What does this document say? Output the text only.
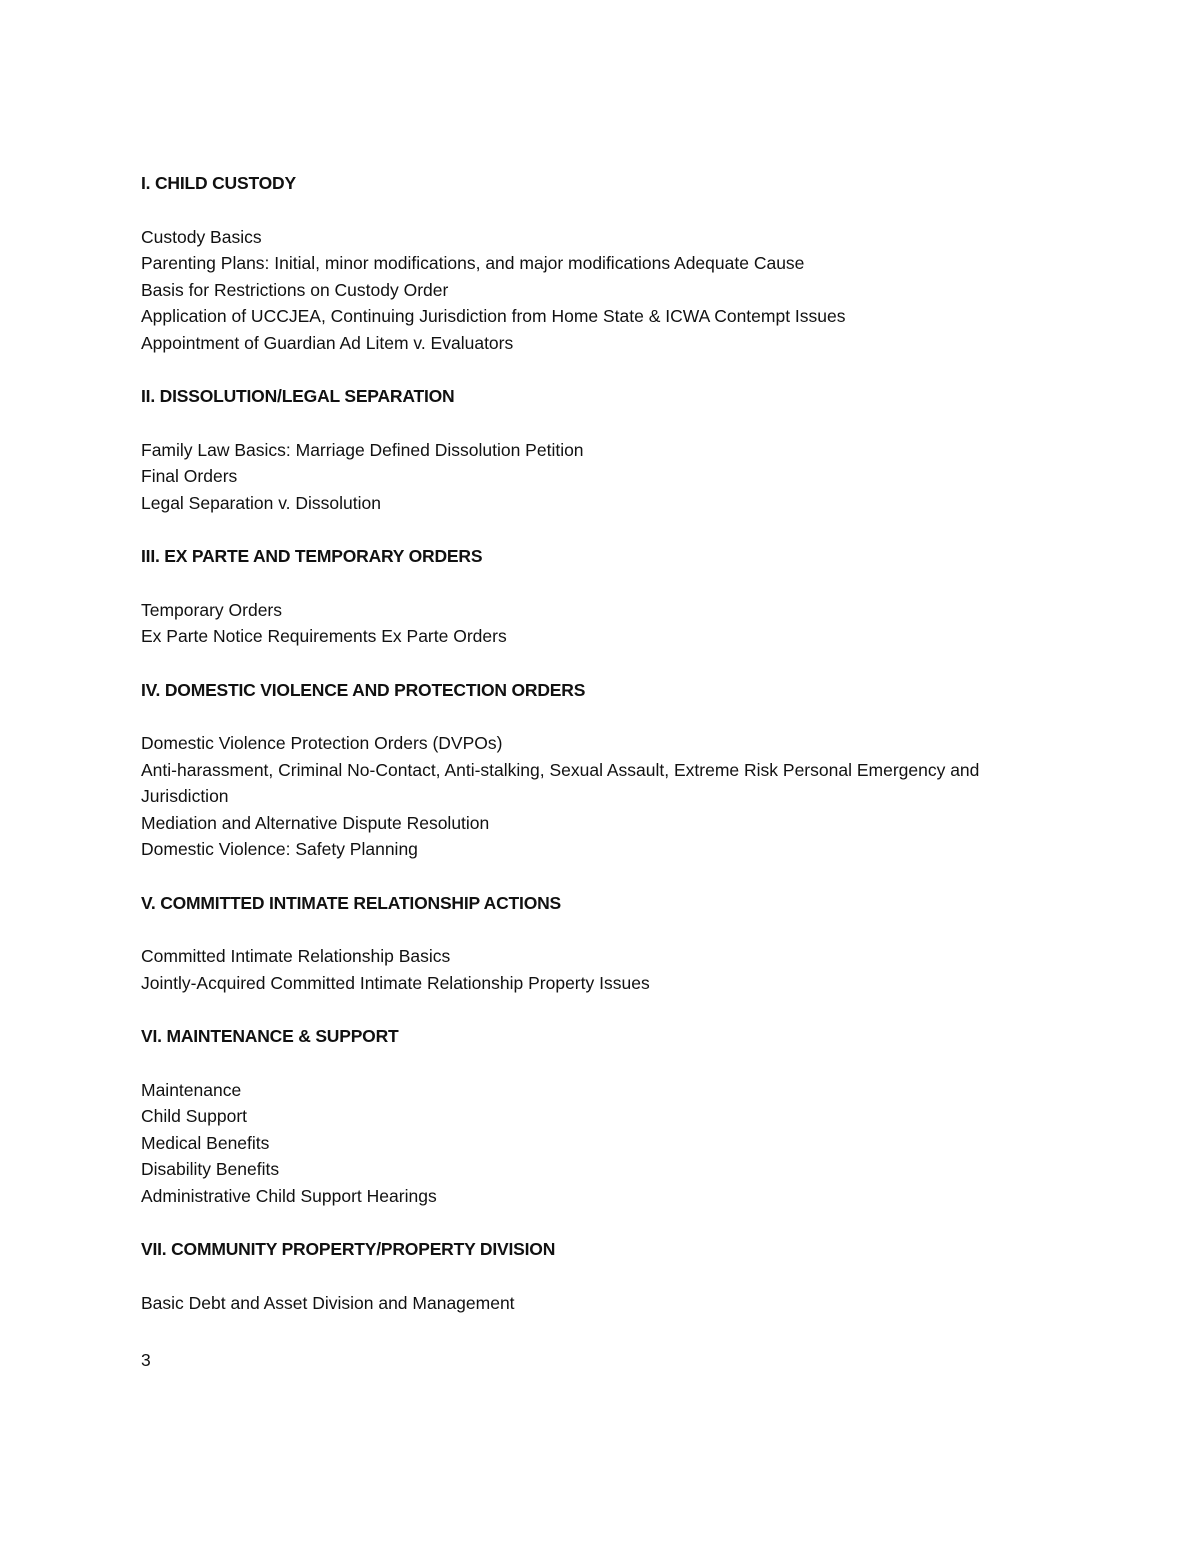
I. CHILD CUSTODY
Custody Basics
Parenting Plans: Initial, minor modifications, and major modifications Adequate Cause
Basis for Restrictions on Custody Order
Application of UCCJEA, Continuing Jurisdiction from Home State & ICWA Contempt Issues
Appointment of Guardian Ad Litem v. Evaluators
II. DISSOLUTION/LEGAL SEPARATION
Family Law Basics: Marriage Defined Dissolution Petition
Final Orders
Legal Separation v. Dissolution
III. EX PARTE AND TEMPORARY ORDERS
Temporary Orders
Ex Parte Notice Requirements Ex Parte Orders
IV. DOMESTIC VIOLENCE AND PROTECTION ORDERS
Domestic Violence Protection Orders (DVPOs)
Anti-harassment, Criminal No-Contact, Anti-stalking, Sexual Assault, Extreme Risk Personal Emergency and Jurisdiction
Mediation and Alternative Dispute Resolution
Domestic Violence: Safety Planning
V. COMMITTED INTIMATE RELATIONSHIP ACTIONS
Committed Intimate Relationship Basics
Jointly-Acquired Committed Intimate Relationship Property Issues
VI. MAINTENANCE & SUPPORT
Maintenance
Child Support
Medical Benefits
Disability Benefits
Administrative Child Support Hearings
VII. COMMUNITY PROPERTY/PROPERTY DIVISION
Basic Debt and Asset Division and Management
3
